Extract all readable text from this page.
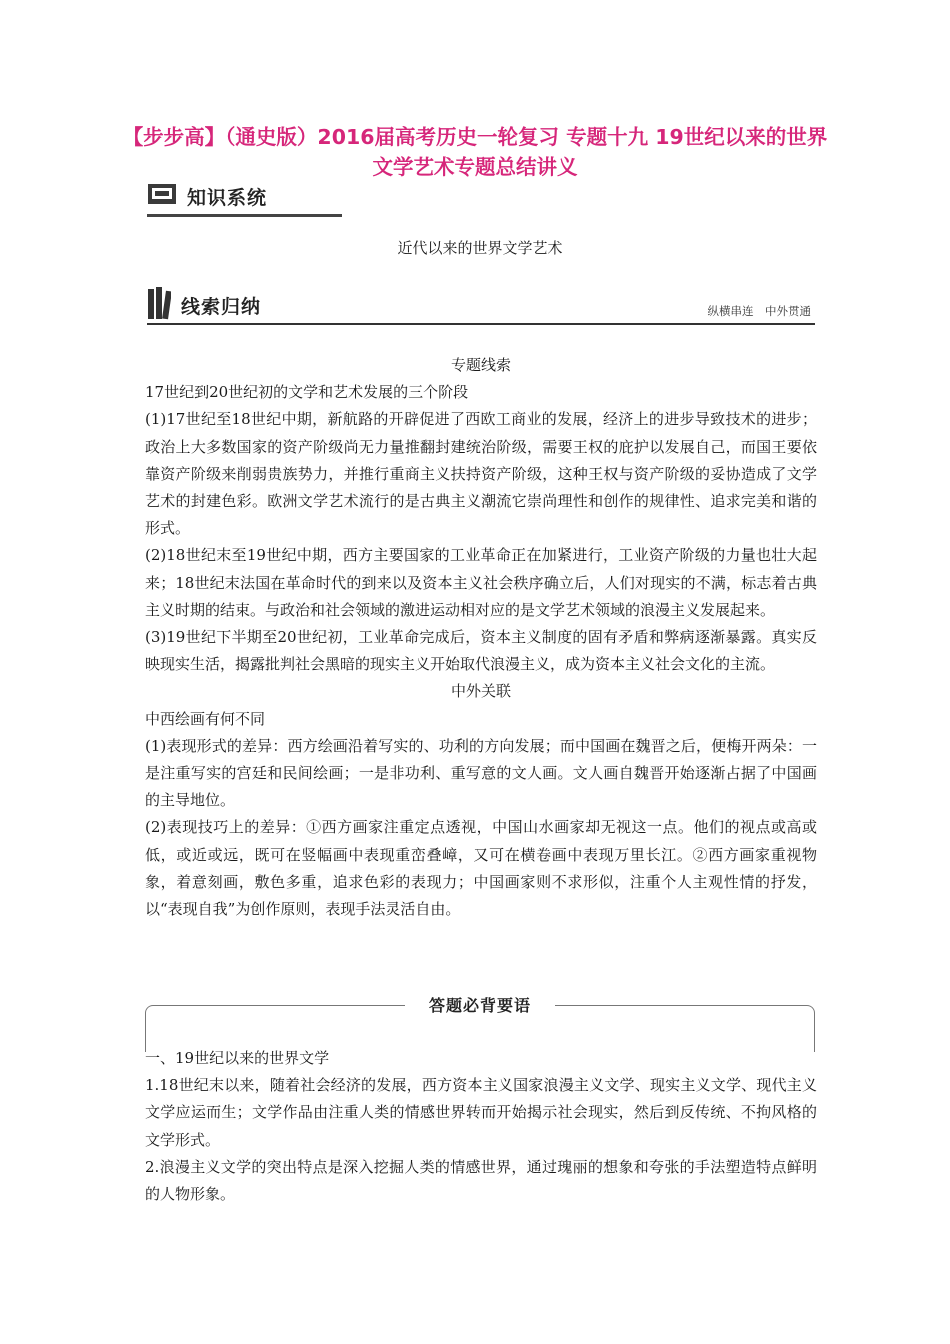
【步步高】（通史版）2016届高考历史一轮复习 专题十九 19世纪以来的世界文学艺术专题总结讲义
知识系统
近代以来的世界文学艺术
线索归纳	纵横串连　中外贯通

专题线索

17世纪到20世纪初的文学和艺术发展的三个阶段

(1)17世纪至18世纪中期，新航路的开辟促进了西欧工商业的发展，经济上的进步导致技术的进步；政治上大多数国家的资产阶级尚无力量推翻封建统治阶级，需要王权的庇护以发展自己，而国王要依靠资产阶级来削弱贵族势力，并推行重商主义扶持资产阶级，这种王权与资产阶级的妥协造成了文学艺术的封建色彩。欧洲文学艺术流行的是古典主义潮流它崇尚理性和创作的规律性、追求完美和谐的形式。

(2)18世纪末至19世纪中期，西方主要国家的工业革命正在加紧进行，工业资产阶级的力量也壮大起来；18世纪末法国在革命时代的到来以及资本主义社会秩序确立后，人们对现实的不满，标志着古典主义时期的结束。与政治和社会领域的激进运动相对应的是文学艺术领域的浪漫主义发展起来。

(3)19世纪下半期至20世纪初，工业革命完成后，资本主义制度的固有矛盾和弊病逐渐暴露。真实反映现实生活，揭露批判社会黑暗的现实主义开始取代浪漫主义，成为资本主义社会文化的主流。

中外关联

中西绘画有何不同

(1)表现形式的差异：西方绘画沿着写实的、功利的方向发展；而中国画在魏晋之后，便梅开两朵：一是注重写实的宫廷和民间绘画；一是非功利、重写意的文人画。文人画自魏晋开始逐渐占据了中国画的主导地位。

(2)表现技巧上的差异：①西方画家注重定点透视，中国山水画家却无视这一点。他们的视点或高或低，或近或远，既可在竖幅画中表现重峦叠嶂，又可在横卷画中表现万里长江。②西方画家重视物象，着意刻画，敷色多重，追求色彩的表现力；中国画家则不求形似，注重个人主观性情的抒发，以“表现自我”为创作原则，表现手法灵活自由。

答题必背要语

一、19世纪以来的世界文学

1.18世纪末以来，随着社会经济的发展，西方资本主义国家浪漫主义文学、现实主义文学、现代主义文学应运而生；文学作品由注重人类的情感世界转而开始揭示社会现实，然后到反传统、不拘风格的文学形式。

2.浪漫主义文学的突出特点是深入挖掘人类的情感世界，通过瑰丽的想象和夸张的手法塑造特点鲜明的人物形象。
